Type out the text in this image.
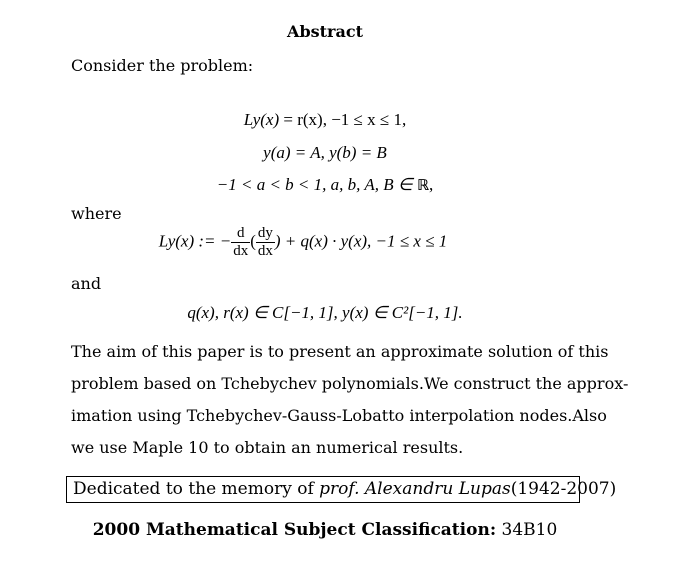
Abstract
Consider the problem:
Ly(x) = r(x), −1 ≤ x ≤ 1,
y(a) = A, y(b) = B
−1 < a < b < 1, a, b, A, B ∈ ℝ,
where
Ly(x) := − $\frac{d}{dx}$ ( $\frac{dy}{dx}$ ) + q(x) · y(x), −1 ≤ x ≤ 1
and
q(x), r(x) ∈ C[−1, 1], y(x) ∈ C²[−1, 1].
The aim of this paper is to present an approximate solution of this
problem based on Tchebychev polynomials.We construct the approx-
imation using Tchebychev-Gauss-Lobatto interpolation nodes.Also
we use Maple 10 to obtain an numerical results.
Dedicated to the memory of prof. Alexandru Lupas(1942-2007)
2000 Mathematical Subject Classification: 34B10
